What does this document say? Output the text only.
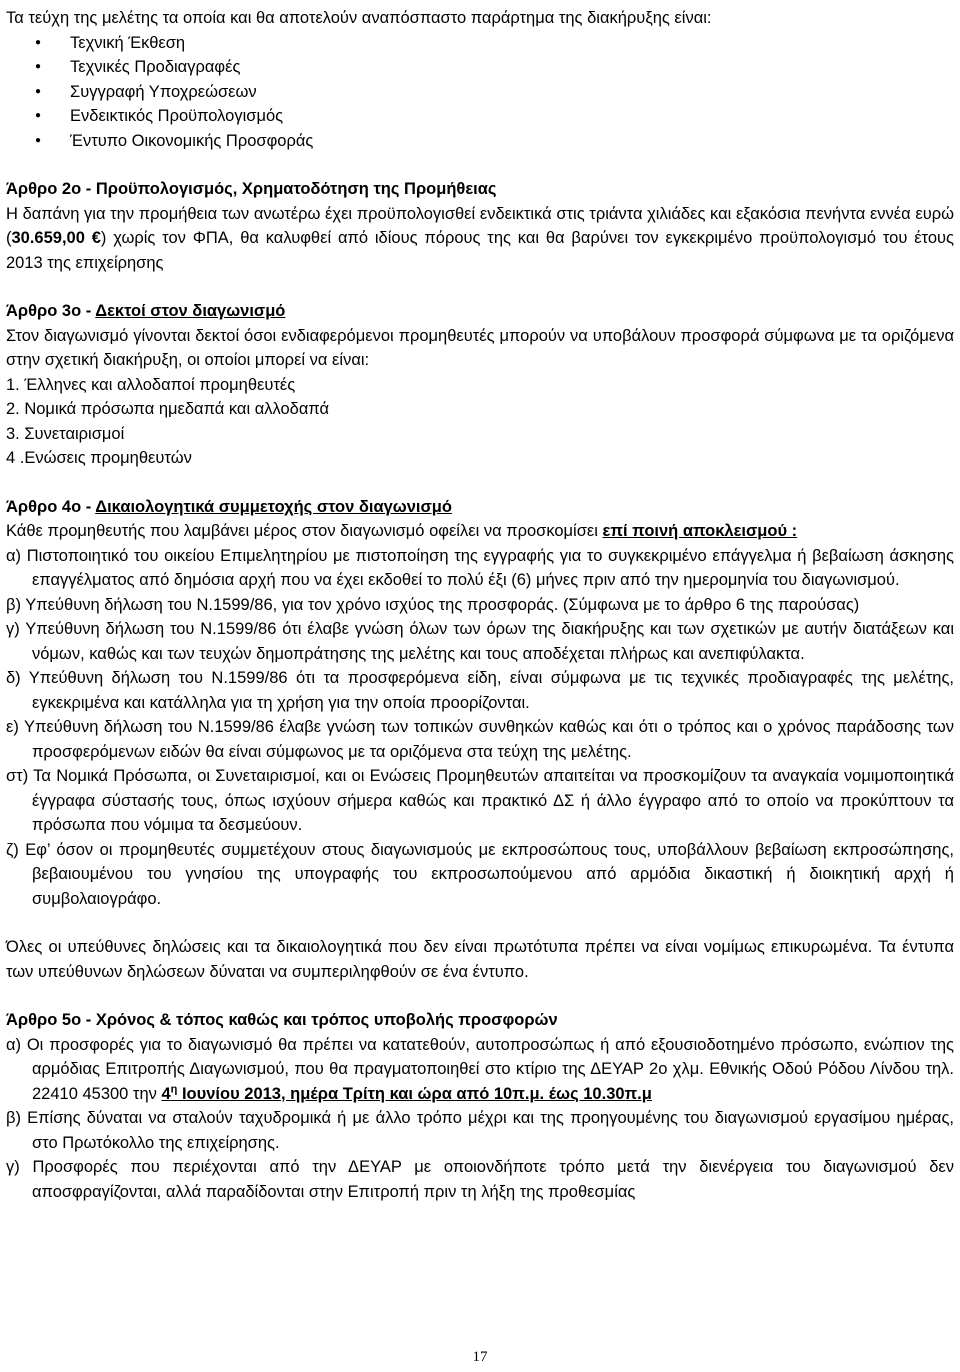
Τα τεύχη της μελέτης τα οποία και θα αποτελούν αναπόσπαστο παράρτημα της διακήρυξης είναι:

● Τεχνική Έκθεση
● Τεχνικές Προδιαγραφές
● Συγγραφή Υποχρεώσεων
● Ενδεικτικός Προϋπολογισμός
● Έντυπο Οικονομικής Προσφοράς

Άρθρο 2ο - Προϋπολογισμός, Χρηματοδότηση της Προμήθειας

Η δαπάνη για την προμήθεια των ανωτέρω έχει προϋπολογισθεί ενδεικτικά στις τριάντα χιλιάδες και εξακόσια πενήντα εννέα ευρώ (30.659,00 €) χωρίς τον ΦΠΑ, θα καλυφθεί από ιδίους πόρους της και θα βαρύνει τον εγκεκριμένο προϋπολογισμό του έτους 2013 της επιχείρησης

Άρθρο 3ο - Δεκτοί στον διαγωνισμό

Στον διαγωνισμό γίνονται δεκτοί όσοι ενδιαφερόμενοι προμηθευτές μπορούν να υποβάλουν προσφορά σύμφωνα με τα οριζόμενα στην σχετική διακήρυξη, οι οποίοι μπορεί να είναι:

1. Έλληνες και αλλοδαποί προμηθευτές

2. Νομικά πρόσωπα ημεδαπά και αλλοδαπά

3. Συνεταιρισμοί

4 .Ενώσεις προμηθευτών

Άρθρο 4ο - Δικαιολογητικά συμμετοχής στον διαγωνισμό

Κάθε προμηθευτής που λαμβάνει μέρος στον διαγωνισμό οφείλει να προσκομίσει επί ποινή αποκλεισμού :

α) Πιστοποιητικό του οικείου Επιμελητηρίου με πιστοποίηση της εγγραφής για το συγκεκριμένο επάγγελμα ή βεβαίωση άσκησης επαγγέλματος από δημόσια αρχή που να έχει εκδοθεί το πολύ έξι (6) μήνες πριν από την ημερομηνία του διαγωνισμού.

β) Υπεύθυνη δήλωση του Ν.1599/86, για τον χρόνο ισχύος της προσφοράς. (Σύμφωνα με το άρθρο 6 της παρούσας)

γ) Υπεύθυνη δήλωση του Ν.1599/86 ότι έλαβε γνώση όλων των όρων της διακήρυξης και των σχετικών με αυτήν διατάξεων και νόμων, καθώς και των τευχών δημοπράτησης της μελέτης και τους αποδέχεται πλήρως και ανεπιφύλακτα.

δ) Υπεύθυνη δήλωση του Ν.1599/86 ότι τα προσφερόμενα είδη, είναι σύμφωνα με τις τεχνικές προδιαγραφές της μελέτης, εγκεκριμένα και κατάλληλα για τη χρήση για την οποία προορίζονται.

ε) Υπεύθυνη δήλωση του Ν.1599/86 έλαβε γνώση των τοπικών συνθηκών καθώς και ότι ο τρόπος και ο χρόνος παράδοσης των προσφερόμενων ειδών θα είναι σύμφωνος με τα οριζόμενα στα τεύχη της μελέτης.

στ) Τα Νομικά Πρόσωπα, οι Συνεταιρισμοί, και οι Ενώσεις Προμηθευτών απαιτείται να προσκομίζουν τα αναγκαία νομιμοποιητικά έγγραφα σύστασής τους, όπως ισχύουν σήμερα καθώς και πρακτικό ΔΣ ή άλλο έγγραφο από το οποίο να προκύπτουν τα πρόσωπα που νόμιμα τα δεσμεύουν.

ζ) Εφ’ όσον οι προμηθευτές συμμετέχουν στους διαγωνισμούς με εκπροσώπους τους, υποβάλλουν βεβαίωση εκπροσώπησης, βεβαιουμένου του γνησίου της υπογραφής του εκπροσωπούμενου από αρμόδια δικαστική ή διοικητική αρχή ή συμβολαιογράφο.

Όλες οι υπεύθυνες δηλώσεις και τα δικαιολογητικά που δεν είναι πρωτότυπα πρέπει να είναι νομίμως επικυρωμένα. Τα έντυπα των υπεύθυνων δηλώσεων δύναται να συμπεριληφθούν σε ένα έντυπο.

Άρθρο 5ο - Χρόνος & τόπος καθώς και τρόπος υποβολής προσφορών

α) Οι προσφορές για το διαγωνισμό θα πρέπει να κατατεθούν, αυτοπροσώπως ή από εξουσιοδοτημένο πρόσωπο, ενώπιον της αρμόδιας Επιτροπής Διαγωνισμού, που θα πραγματοποιηθεί στο κτίριο της ΔΕΥΑΡ 2ο χλμ. Εθνικής Οδού Ρόδου Λίνδου τηλ. 22410 45300 την $4^\eta$ Ιουνίου 2013, ημέρα Τρίτη και ώρα από 10π.μ. έως 10.30π.μ

β) Επίσης δύναται να σταλούν ταχυδρομικά ή με άλλο τρόπο μέχρι και της προηγουμένης του διαγωνισμού εργασίμου ημέρας, στο Πρωτόκολλο της επιχείρησης.

γ) Προσφορές που περιέχονται από την ΔΕΥΑΡ με οποιονδήποτε τρόπο μετά την διενέργεια του διαγωνισμού δεν αποσφραγίζονται, αλλά παραδίδονται στην Επιτροπή πριν τη λήξη της προθεσμίας

17
